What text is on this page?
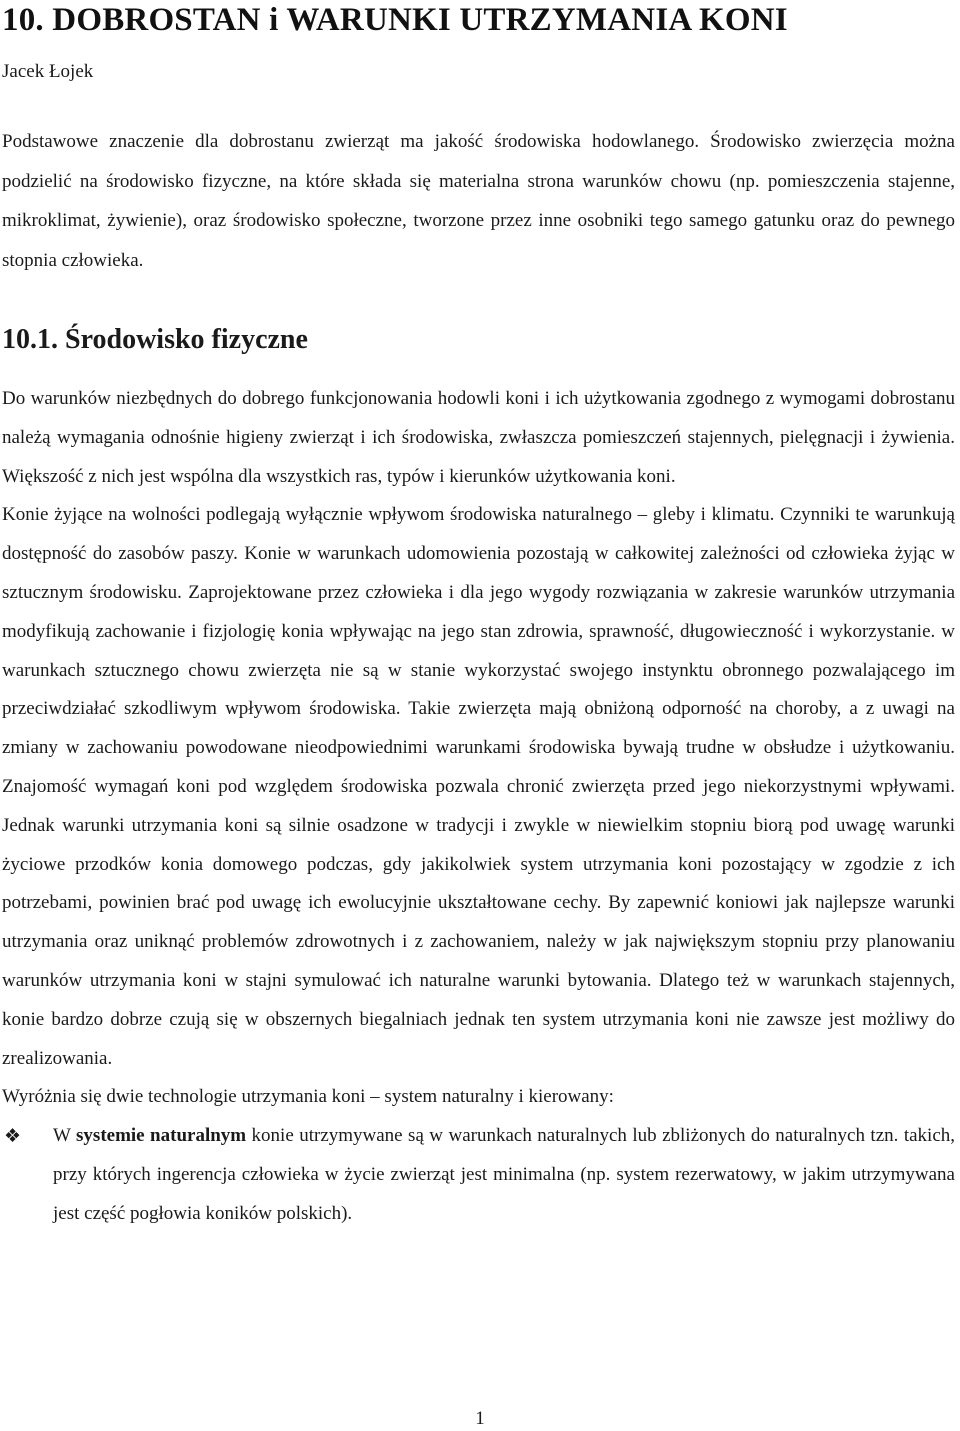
10. DOBROSTAN i WARUNKI UTRZYMANIA KONI
Jacek Łojek

Podstawowe znaczenie dla dobrostanu zwierząt ma jakość środowiska hodowlanego. Środowisko zwierzęcia można podzielić na środowisko fizyczne, na które składa się materialna strona warunków chowu (np. pomieszczenia stajenne, mikroklimat, żywienie), oraz środowisko społeczne, tworzone przez inne osobniki tego samego gatunku oraz do pewnego stopnia człowieka.

10.1. Środowisko fizyczne

Do warunków niezbędnych do dobrego funkcjonowania hodowli koni i ich użytkowania zgodnego z wymogami dobrostanu należą wymagania odnośnie higieny zwierząt i ich środowiska, zwłaszcza pomieszczeń stajennych, pielęgnacji i żywienia. Większość z nich jest wspólna dla wszystkich ras, typów i kierunków użytkowania koni.

Konie żyjące na wolności podlegają wyłącznie wpływom środowiska naturalnego – gleby i klimatu. Czynniki te warunkują dostępność do zasobów paszy. Konie w warunkach udomowienia pozostają w całkowitej zależności od człowieka żyjąc w sztucznym środowisku. Zaprojektowane przez człowieka i dla jego wygody rozwiązania w zakresie warunków utrzymania modyfikują zachowanie i fizjologię konia wpływając na jego stan zdrowia, sprawność, długowieczność i wykorzystanie. w warunkach sztucznego chowu zwierzęta nie są w stanie wykorzystać swojego instynktu obronnego pozwalającego im przeciwdziałać szkodliwym wpływom środowiska. Takie zwierzęta mają obniżoną odporność na choroby, a z uwagi na zmiany w zachowaniu powodowane nieodpowiednimi warunkami środowiska bywają trudne w obsłudze i użytkowaniu. Znajomość wymagań koni pod względem środowiska pozwala chronić zwierzęta przed jego niekorzystnymi wpływami. Jednak warunki utrzymania koni są silnie osadzone w tradycji i zwykle w niewielkim stopniu biorą pod uwagę warunki życiowe przodków konia domowego podczas, gdy jakikolwiek system utrzymania koni pozostający w zgodzie z ich potrzebami, powinien brać pod uwagę ich ewolucyjnie ukształtowane cechy. By zapewnić koniowi jak najlepsze warunki utrzymania oraz uniknąć problemów zdrowotnych i z zachowaniem, należy w jak największym stopniu przy planowaniu warunków utrzymania koni w stajni symulować ich naturalne warunki bytowania. Dlatego też w warunkach stajennych, konie bardzo dobrze czują się w obszernych biegalniach jednak ten system utrzymania koni nie zawsze jest możliwy do zrealizowania.

Wyróżnia się dwie technologie utrzymania koni – system naturalny i kierowany:

❖ W systemie naturalnym konie utrzymywane są w warunkach naturalnych lub zbliżonych do naturalnych tzn. takich, przy których ingerencja człowieka w życie zwierząt jest minimalna (np. system rezerwatowy, w jakim utrzymywana jest część pogłowia koników polskich).
1
